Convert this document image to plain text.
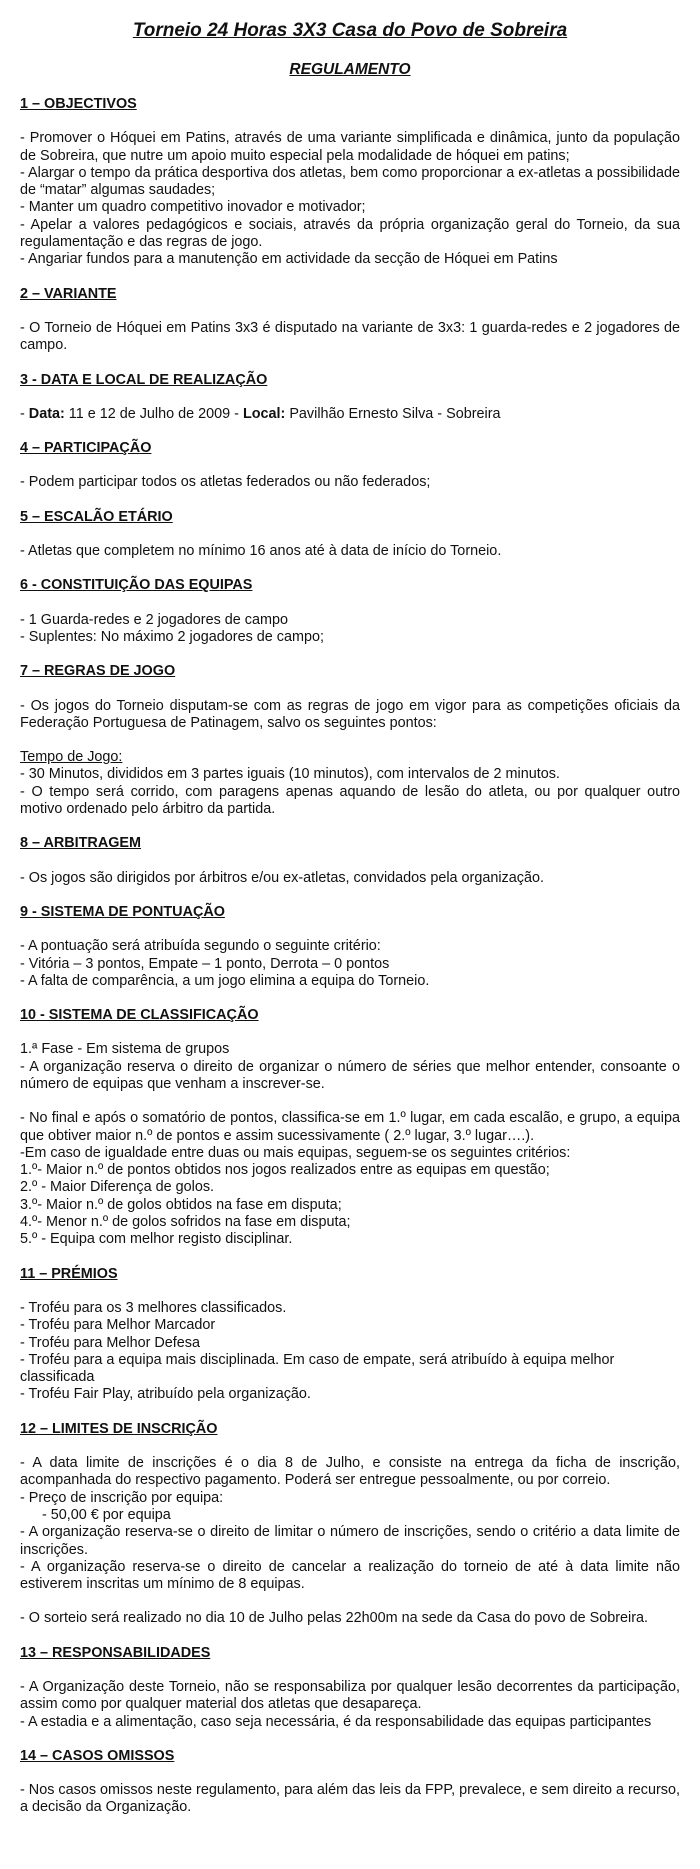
Torneio 24 Horas 3X3 Casa do Povo de Sobreira
REGULAMENTO
1 – OBJECTIVOS

- Promover o Hóquei em Patins, através de uma variante simplificada e dinâmica, junto da população de Sobreira, que nutre um apoio muito especial pela modalidade de hóquei em patins;

- Alargar o tempo da prática desportiva dos atletas, bem como proporcionar a ex-atletas a possibilidade de “matar” algumas saudades;

- Manter um quadro competitivo inovador e motivador;

- Apelar a valores pedagógicos e sociais, através da própria organização geral do Torneio, da sua regulamentação e das regras de jogo.

- Angariar fundos para a manutenção em actividade da secção de Hóquei em Patins

2 – VARIANTE

- O Torneio de Hóquei em Patins 3x3 é disputado na variante de 3x3: 1 guarda-redes e 2 jogadores de campo.

3 - DATA E LOCAL DE REALIZAÇÃO

- Data: 11 e 12 de Julho de 2009 - Local: Pavilhão Ernesto Silva - Sobreira

4 – PARTICIPAÇÃO

- Podem participar todos os atletas federados ou não federados;

5 – ESCALÃO ETÁRIO

- Atletas que completem no mínimo 16 anos até à data de início do Torneio.

6 - CONSTITUIÇÃO DAS EQUIPAS

- 1 Guarda-redes e 2 jogadores de campo

- Suplentes: No máximo 2 jogadores de campo;

7 – REGRAS DE JOGO

- Os jogos do Torneio disputam-se com as regras de jogo em vigor para as competições oficiais da Federação Portuguesa de Patinagem, salvo os seguintes pontos:

Tempo de Jogo:

- 30 Minutos, divididos em 3 partes iguais (10 minutos), com intervalos de 2 minutos.

- O tempo será corrido, com paragens apenas aquando de lesão do atleta, ou por qualquer outro motivo ordenado pelo árbitro da partida.

8 – ARBITRAGEM

- Os jogos são dirigidos por árbitros e/ou ex-atletas, convidados pela organização.

9 - SISTEMA DE PONTUAÇÃO

- A pontuação será atribuída segundo o seguinte critério:

- Vitória – 3 pontos, Empate – 1 ponto, Derrota – 0 pontos

- A falta de comparência, a um jogo elimina a equipa do Torneio.

10 - SISTEMA DE CLASSIFICAÇÃO

1.ª Fase - Em sistema de grupos

- A organização reserva o direito de organizar o número de séries que melhor entender, consoante o número de equipas que venham a inscrever-se.

- No final e após o somatório de pontos, classifica-se em 1.º lugar, em cada escalão, e grupo, a equipa que obtiver maior n.º de pontos e assim sucessivamente ( 2.º lugar, 3.º lugar….).

-Em caso de igualdade entre duas ou mais equipas, seguem-se os seguintes critérios:

1.º- Maior n.º de pontos obtidos nos jogos realizados entre as equipas em questão;

2.º - Maior Diferença de golos.

3.º- Maior n.º de golos obtidos na fase em disputa;

4.º- Menor n.º de golos sofridos na fase em disputa;

5.º - Equipa com melhor registo disciplinar.

11 – PRÉMIOS

- Troféu para os 3 melhores classificados.

- Troféu para Melhor Marcador

- Troféu para Melhor Defesa

- Troféu para a equipa mais disciplinada. Em caso de empate, será atribuído à equipa melhor classificada

- Troféu Fair Play, atribuído pela organização.

12 – LIMITES DE INSCRIÇÃO

- A data limite de inscrições é o dia 8 de Julho, e consiste na entrega da ficha de inscrição, acompanhada do respectivo pagamento. Poderá ser entregue pessoalmente, ou por correio.

- Preço de inscrição por equipa:

- 50,00 € por equipa

- A organização reserva-se o direito de limitar o número de inscrições, sendo o critério a data limite de inscrições.

- A organização reserva-se o direito de cancelar a realização do torneio de até à data limite não estiverem inscritas um mínimo de 8 equipas.

- O sorteio será realizado no dia 10 de Julho pelas 22h00m na sede da Casa do povo de Sobreira.

13 – RESPONSABILIDADES

- A Organização deste Torneio, não se responsabiliza por qualquer lesão decorrentes da participação, assim como por qualquer material dos atletas que desapareça.

- A estadia e a alimentação, caso seja necessária, é da responsabilidade das equipas participantes

14 – CASOS OMISSOS

- Nos casos omissos neste regulamento, para além das leis da FPP, prevalece, e sem direito a recurso, a decisão da Organização.
